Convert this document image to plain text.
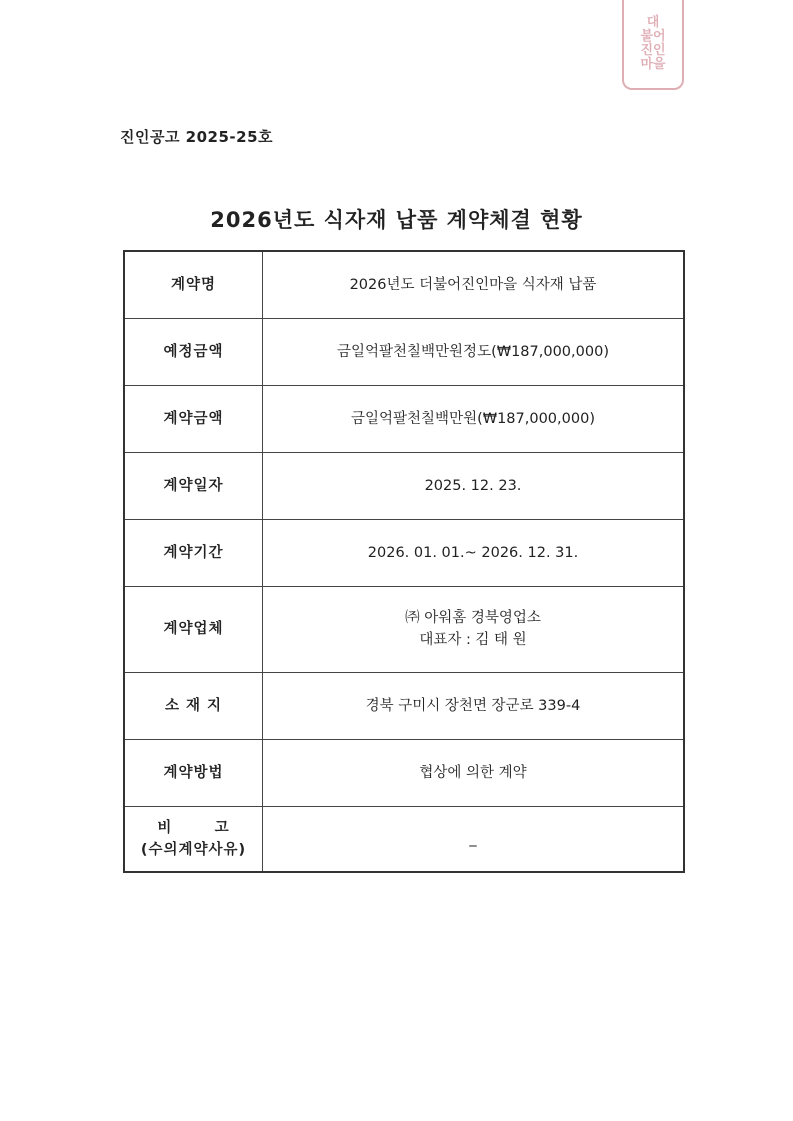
대
불어
진인
마을
진인공고 2025-25호
2026년도 식자재 납품 계약체결 현황
계약명	2026년도 더불어진인마을 식자재 납품
예정금액	금일억팔천칠백만원정도(₩187,000,000)
계약금액	금일억팔천칠백만원(₩187,000,000)
계약일자	2025. 12. 23.
계약기간	2026. 01. 01.~ 2026. 12. 31.
계약업체	㈜ 아워홈 경북영업소
대표자 : 김 태 원

소 재 지	경북 구미시 장천면 장군로 339-4
계약방법	협상에 의한 계약

비       고
(수의계약사유)	_
